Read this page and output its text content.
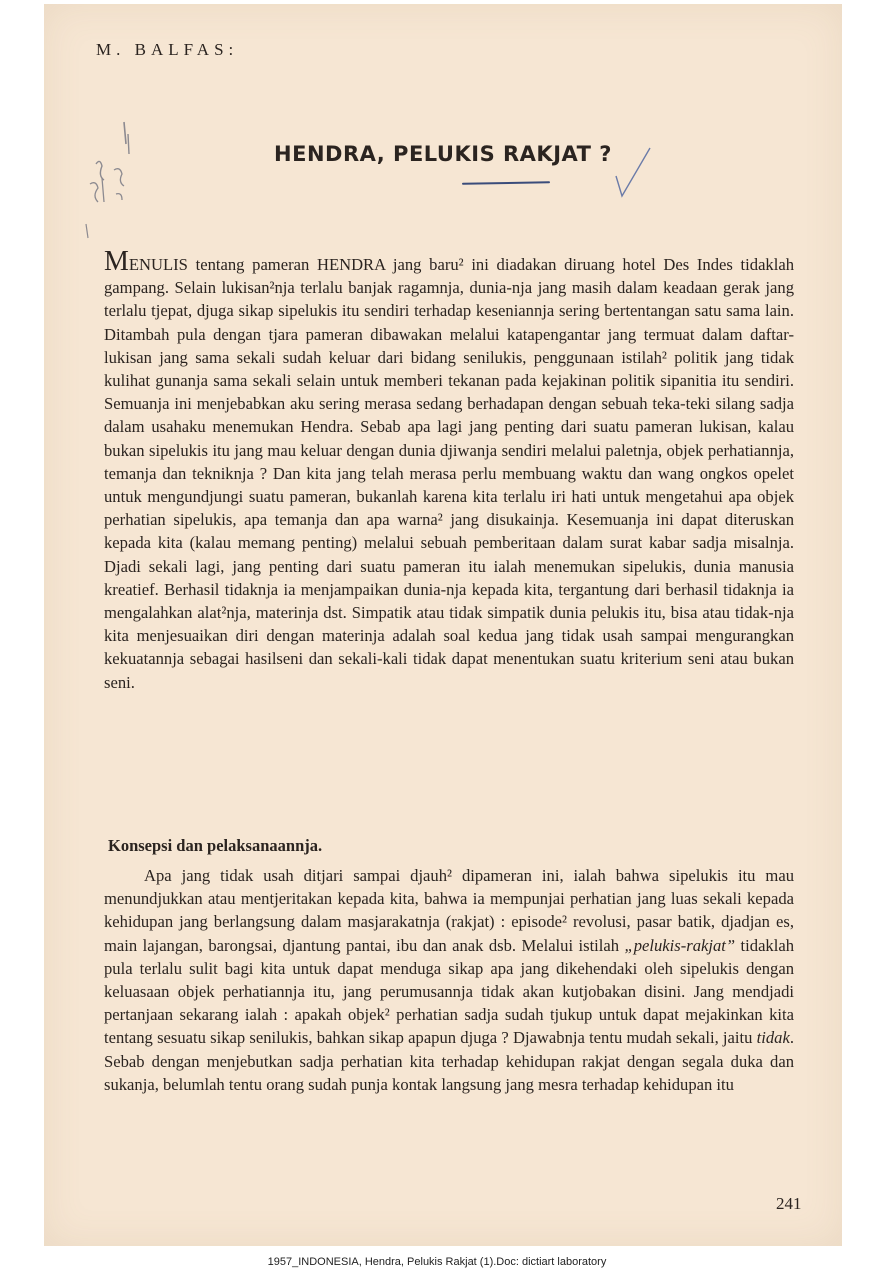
M. BALFAS:

HENDRA, PELUKIS RAKJAT ?

MENULIS tentang pameran HENDRA jang baru² ini diadakan diruang hotel Des Indes tidaklah gampang. Selain lukisan²nja terlalu banjak ragamnja, dunia-nja jang masih dalam keadaan gerak jang terlalu tjepat, djuga sikap sipelukis itu sendiri terhadap keseniannja sering bertentangan satu sama lain. Ditambah pula dengan tjara pameran dibawakan melalui katapengantar jang termuat dalam daftar-lukisan jang sama sekali sudah keluar dari bidang senilukis, penggunaan istilah² politik jang tidak kulihat gunanja sama sekali selain untuk memberi tekanan pada kejakinan politik sipanitia itu sendiri. Semuanja ini menjebabkan aku sering merasa sedang berhadapan dengan sebuah teka-teki silang sadja dalam usahaku menemukan Hendra. Sebab apa lagi jang penting dari suatu pameran lukisan, kalau bukan sipelukis itu jang mau keluar dengan dunia djiwanja sendiri melalui paletnja, objek perhatiannja, temanja dan tekniknja ? Dan kita jang telah merasa perlu membuang waktu dan wang ongkos opelet untuk mengundjungi suatu pameran, bukanlah karena kita terlalu iri hati untuk mengetahui apa objek perhatian sipelukis, apa temanja dan apa warna² jang disukainja. Kesemuanja ini dapat diteruskan kepada kita (kalau memang penting) melalui sebuah pemberitaan dalam surat kabar sadja misalnja. Djadi sekali lagi, jang penting dari suatu pameran itu ialah menemukan sipelukis, dunia manusia kreatief. Berhasil tidaknja ia menjampaikan dunia-nja kepada kita, tergantung dari berhasil tidaknja ia mengalahkan alat²nja, materinja dst. Simpatik atau tidak simpatik dunia pelukis itu, bisa atau tidak-nja kita menjesuaikan diri dengan materinja adalah soal kedua jang tidak usah sampai mengurangkan kekuatannja sebagai hasilseni dan sekali-kali tidak dapat menentukan suatu kriterium seni atau bukan seni.

Konsepsi dan pelaksanaannja.

Apa jang tidak usah ditjari sampai djauh² dipameran ini, ialah bahwa sipelukis itu mau menundjukkan atau mentjeritakan kepada kita, bahwa ia mempunjai perhatian jang luas sekali kepada kehidupan jang berlangsung dalam masjarakatnja (rakjat) : episode² revolusi, pasar batik, djadjan es, main lajangan, barongsai, djantung pantai, ibu dan anak dsb. Melalui istilah „pelukis-rakjat” tidaklah pula terlalu sulit bagi kita untuk dapat menduga sikap apa jang dikehendaki oleh sipelukis dengan keluasaan objek perhatiannja itu, jang perumusannja tidak akan kutjobakan disini. Jang mendjadi pertanjaan sekarang ialah : apakah objek² perhatian sadja sudah tjukup untuk dapat mejakinkan kita tentang sesuatu sikap senilukis, bahkan sikap apapun djuga ? Djawabnja tentu mudah sekali, jaitu tidak. Sebab dengan menjebutkan sadja perhatian kita terhadap kehidupan rakjat dengan segala duka dan sukanja, belumlah tentu orang sudah punja kontak langsung jang mesra terhadap kehidupan itu

241

1957_INDONESIA, Hendra, Pelukis Rakjat (1).Doc: dictiart laboratory
